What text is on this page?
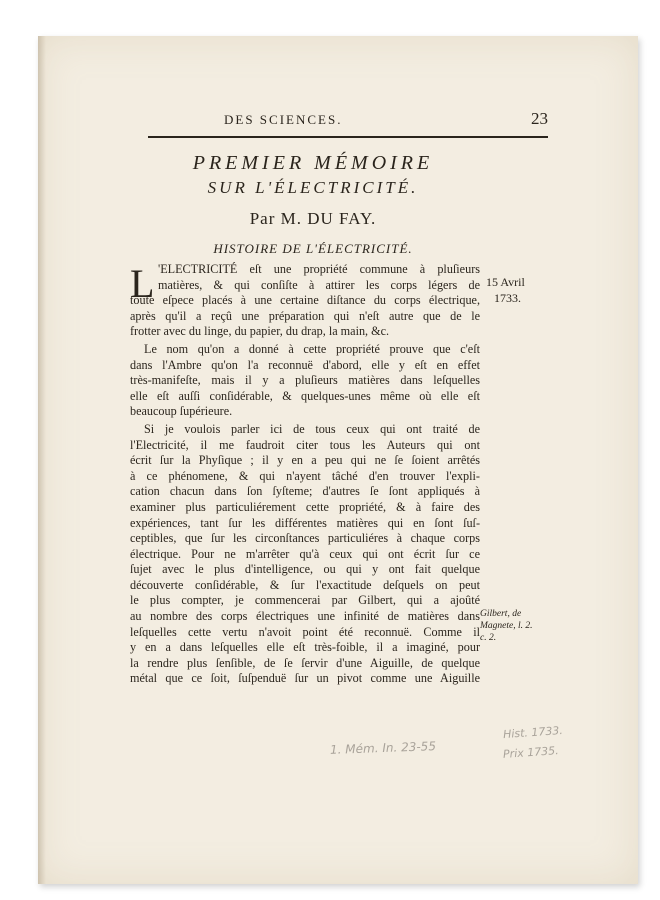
DES SCIENCES.	23
PREMIER MÉMOIRE
SUR L'ÉLECTRICITÉ.
Par M. DU FAY.
HISTOIRE DE L'ÉLECTRICITÉ.
L 'ELECTRICITÉ eſt une propriété commune à pluſieurs
matières, & qui conſiſte à attirer les corps légers de
toute eſpece placés à une certaine diſtance du corps électrique,
après qu'il a reçû une préparation qui n'eſt autre que de le
frotter avec du linge, du papier, du drap, la main, &c.
Le nom qu'on a donné à cette propriété prouve que c'eſt
dans l'Ambre qu'on l'a reconnuë d'abord, elle y eſt en effet
très-manifeſte, mais il y a pluſieurs matières dans leſquelles
elle eſt auſſi conſidérable, & quelques-unes même où elle eſt
beaucoup ſupérieure.
Si je voulois parler ici de tous ceux qui ont traité de
l'Electricité, il me faudroit citer tous les Auteurs qui ont
écrit ſur la Phyſique ; il y en a peu qui ne ſe ſoient arrêtés
à ce phénomene, & qui n'ayent tâché d'en trouver l'expli-
cation chacun dans ſon ſyſteme; d'autres ſe ſont appliqués à
examiner plus particuliérement cette propriété, & à faire des
expériences, tant ſur les différentes matières qui en ſont ſuſ-
ceptibles, que ſur les circonſtances particuliéres à chaque corps
électrique. Pour ne m'arrêter qu'à ceux qui ont écrit ſur ce
ſujet avec le plus d'intelligence, ou qui y ont fait quelque
découverte conſidérable, & ſur l'exactitude deſquels on peut
le plus compter, je commencerai par Gilbert, qui a ajoûté
au nombre des corps électriques une infinité de matières dans
leſquelles cette vertu n'avoit point été reconnuë. Comme il
y en a dans leſquelles elle eſt très-foible, il a imaginé, pour
la rendre plus ſenſible, de ſe ſervir d'une Aiguille, de quelque
métal que ce ſoit, ſuſpenduë ſur un pivot comme une Aiguille
15 Avril
1733.
Gilbert, de
Magnete, l. 2.
c. 2.
1. Mém. In. 23-55
Hist. 1733.
Prix 1735.
